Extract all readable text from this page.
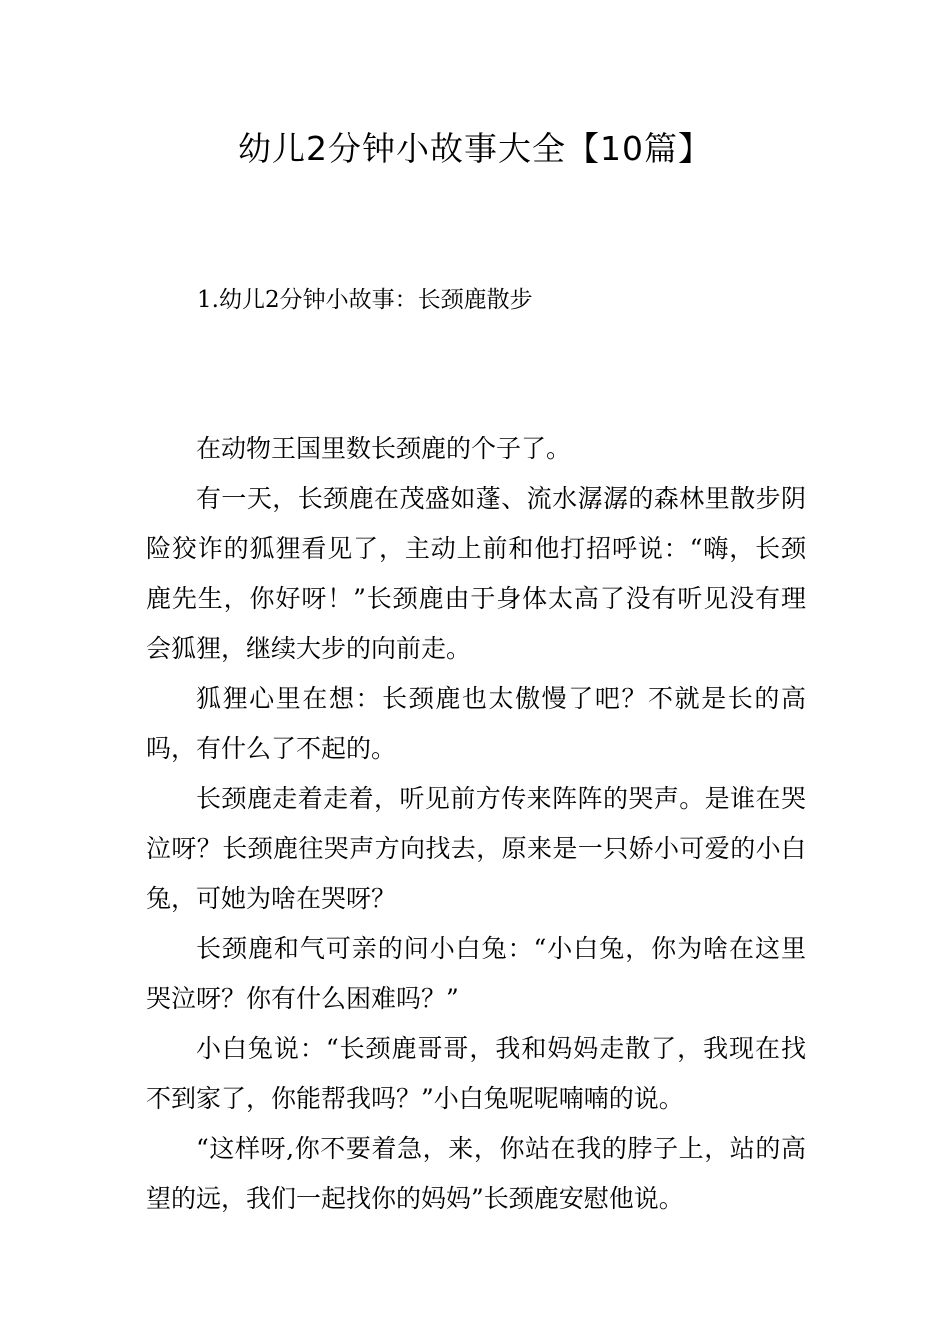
幼儿2分钟小故事大全【10篇】
1.幼儿2分钟小故事：长颈鹿散步

在动物王国里数长颈鹿的个子了。

有一天，长颈鹿在茂盛如蓬、流水潺潺的森林里散步阴险狡诈的狐狸看见了，主动上前和他打招呼说：“嗨，长颈鹿先生，你好呀！”长颈鹿由于身体太高了没有听见没有理会狐狸，继续大步的向前走。

狐狸心里在想：长颈鹿也太傲慢了吧？不就是长的高吗，有什么了不起的。

长颈鹿走着走着，听见前方传来阵阵的哭声。是谁在哭泣呀？长颈鹿往哭声方向找去，原来是一只娇小可爱的小白兔，可她为啥在哭呀？

长颈鹿和气可亲的问小白兔：“小白兔，你为啥在这里哭泣呀？你有什么困难吗？”

小白兔说：“长颈鹿哥哥，我和妈妈走散了，我现在找不到家了，你能帮我吗？”小白兔呢呢喃喃的说。

“这样呀,你不要着急，来，你站在我的脖子上，站的高望的远，我们一起找你的妈妈”长颈鹿安慰他说。
